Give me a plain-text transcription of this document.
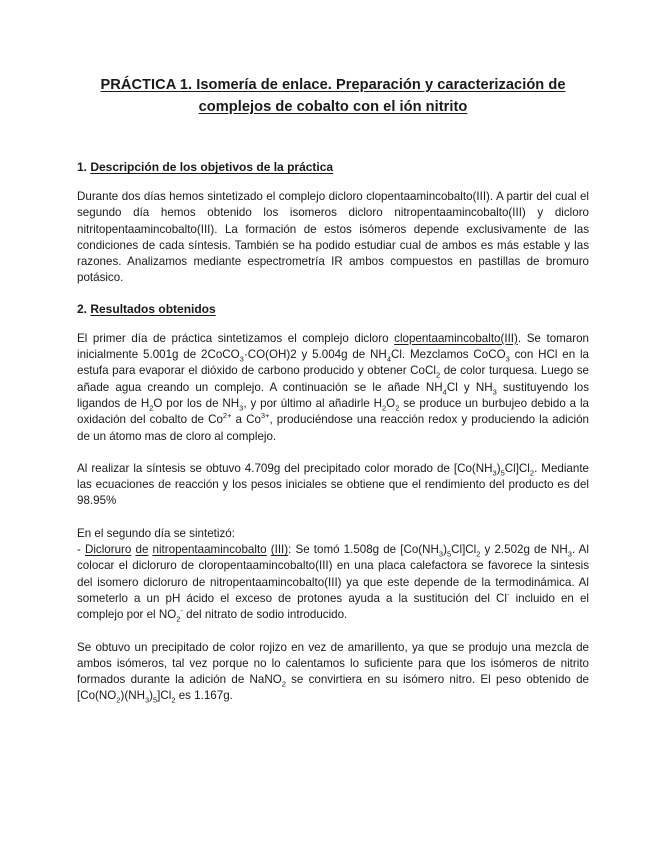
PRÁCTICA 1. Isomería de enlace. Preparación y caracterización de
complejos de cobalto con el ión nitrito
1. Descripción de los objetivos de la práctica

Durante dos días hemos sintetizado el complejo dicloro clopentaamincobalto(III). A partir del cual el segundo día hemos obtenido los isomeros dicloro nitropentaamincobalto(III) y dicloro nitritopentaamincobalto(III). La formación de estos isómeros depende exclusivamente de las condiciones de cada síntesis. También se ha podido estudiar cual de ambos es más estable y las razones. Analizamos mediante espectrometría IR ambos compuestos en pastillas de bromuro potásico.

2. Resultados obtenidos

El primer día de práctica sintetizamos el complejo dicloro clopentaamincobalto(III). Se tomaron inicialmente 5.001g de 2CoCO$_3$·CO(OH)2 y 5.004g de $NH_4Cl$. Mezclamos CoCO$_3$ con HCl en la estufa para evaporar el dióxido de carbono producido y obtener CoCl$_2$ de color turquesa. Luego se añade agua creando un complejo. A continuación se le añade $NH_4Cl$ y $NH_3$ sustituyendo los ligandos de $H_2O$ por los de $NH_3$, y por último al añadirle $H_2O_2$ se produce un burbujeo debido a la oxidación del cobalto de $Co^{2+}$ a $Co^{3+}$, produciéndose una reacción redox y produciendo la adición de un átomo mas de cloro al complejo.

Al realizar la síntesis se obtuvo 4.709g del precipitado color morado de $[Co(NH_3)_5Cl]Cl_2$. Mediante las ecuaciones de reacción y los pesos iniciales se obtiene que el rendimiento del producto es del 98.95%

En el segundo día se sintetizó:

- Dicloruro de nitropentaamincobalto (III): Se tomó 1.508g de $[Co(NH_3)_5Cl]Cl_2$ y 2.502g de $NH_3$. Al colocar el dicloruro de cloropentaamincobalto(III) en una placa calefactora se favorece la sintesis del isomero dicloruro de nitropentaamincobalto(III) ya que este depende de la termodinámica. Al someterlo a un pH ácido el exceso de protones ayuda a la sustitución del Cl- incluido en el complejo por el $NO_2^-$ del nitrato de sodio introducido.

Se obtuvo un precipitado de color rojizo en vez de amarillento, ya que se produjo una mezcla de ambos isómeros, tal vez porque no lo calentamos lo suficiente para que los isómeros de nitrito formados durante la adición de NaNO$_2$ se convirtiera en su isómero nitro. El peso obtenido de $[Co(NO_2)(NH_3)_5]Cl_2$ es 1.167g.
